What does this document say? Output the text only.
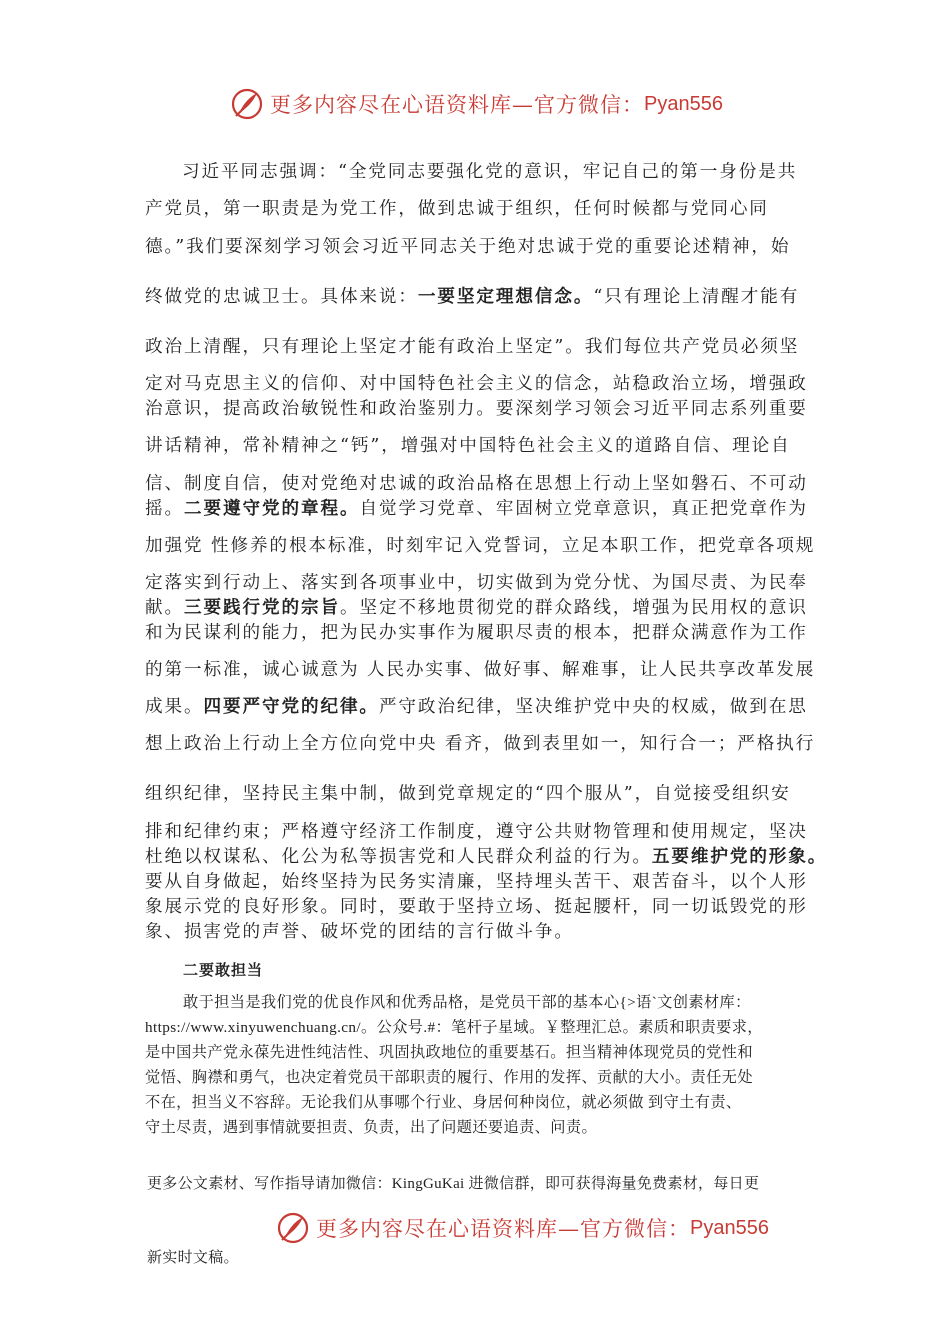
更多内容尽在心语资料库—官方微信： Pyan556
习近平同志强调：“全党同志要强化党的意识，牢记自己的第一身份是共
产党员，第一职责是为党工作，做到忠诚于组织，任何时候都与党同心同
德。”我们要深刻学习领会习近平同志关于绝对忠诚于党的重要论述精神，始
终做党的忠诚卫士。具体来说：一要坚定理想信念。“只有理论上清醒才能有
政治上清醒，只有理论上坚定才能有政治上坚定”。我们每位共产党员必须坚
定对马克思主义的信仰、对中国特色社会主义的信念，站稳政治立场，增强政
治意识，提高政治敏锐性和政治鉴别力。要深刻学习领会习近平同志系列重要
讲话精神，常补精神之“钙”，增强对中国特色社会主义的道路自信、理论自
信、制度自信，使对党绝对忠诚的政治品格在思想上行动上坚如磐石、不可动
摇。二要遵守党的章程。自觉学习党章、牢固树立党章意识，真正把党章作为
加强党 性修养的根本标准，时刻牢记入党誓词，立足本职工作，把党章各项规
定落实到行动上、落实到各项事业中，切实做到为党分忧、为国尽责、为民奉
献。三要践行党的宗旨。坚定不移地贯彻党的群众路线，增强为民用权的意识
和为民谋利的能力，把为民办实事作为履职尽责的根本，把群众满意作为工作
的第一标准，诚心诚意为 人民办实事、做好事、解难事，让人民共享改革发展
成果。四要严守党的纪律。严守政治纪律，坚决维护党中央的权威，做到在思
想上政治上行动上全方位向党中央 看齐，做到表里如一，知行合一；严格执行
组织纪律，坚持民主集中制，做到党章规定的“四个服从”，自觉接受组织安
排和纪律约束；严格遵守经济工作制度，遵守公共财物管理和使用规定，坚决
杜绝以权谋私、化公为私等损害党和人民群众利益的行为。五要维护党的形象。
要从自身做起，始终坚持为民务实清廉，坚持埋头苦干、艰苦奋斗，以个人形
象展示党的良好形象。同时，要敢于坚持立场、挺起腰杆，同一切诋毁党的形
象、损害党的声誉、破坏党的团结的言行做斗争。
二要敢担当
敢于担当是我们党的优良作风和优秀品格，是党员干部的基本心{>语`文创素材库：
https://www.xinyuwenchuang.cn/。公众号.#：笔杆子星域。￥整理汇总。素质和职责要求，
是中国共产党永葆先进性纯洁性、巩固执政地位的重要基石。担当精神体现党员的党性和
觉悟、胸襟和勇气，也决定着党员干部职责的履行、作用的发挥、贡献的大小。责任无处
不在，担当义不容辞。无论我们从事哪个行业、身居何种岗位，就必须做 到守土有责、
守土尽责，遇到事情就要担责、负责，出了问题还要追责、问责。
更多公文素材、写作指导请加微信：KingGuKai 进微信群，即可获得海量免费素材，每日更
更多内容尽在心语资料库—官方微信： Pyan556
新实时文稿。
